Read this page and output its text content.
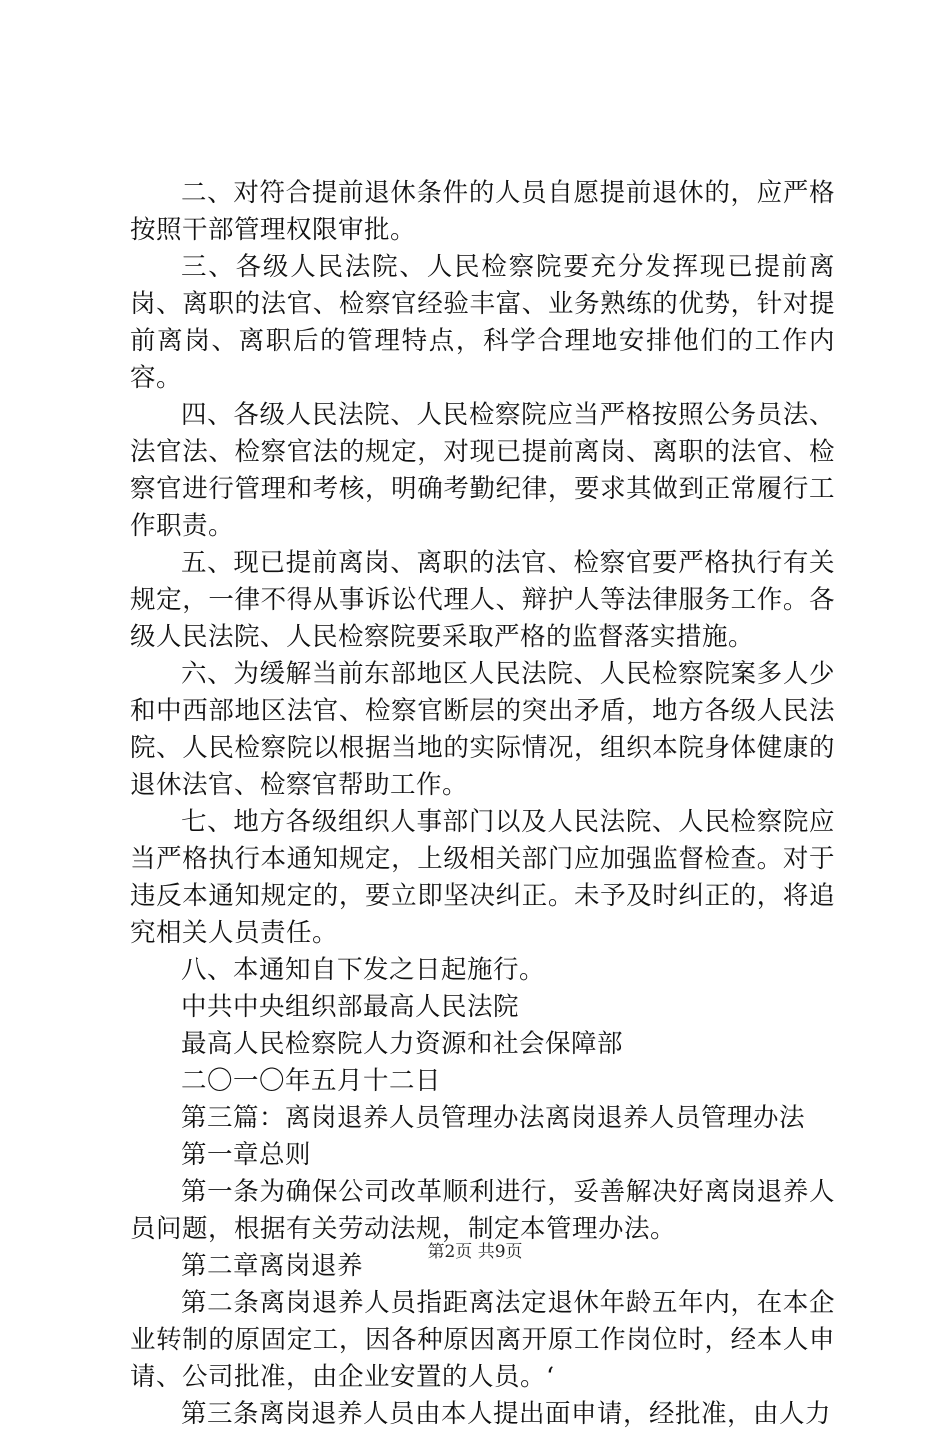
二、对符合提前退休条件的人员自愿提前退休的，应严格按照干部管理权限审批。

三、各级人民法院、人民检察院要充分发挥现已提前离岗、离职的法官、检察官经验丰富、业务熟练的优势，针对提前离岗、离职后的管理特点，科学合理地安排他们的工作内容。

四、各级人民法院、人民检察院应当严格按照公务员法、法官法、检察官法的规定，对现已提前离岗、离职的法官、检察官进行管理和考核，明确考勤纪律，要求其做到正常履行工作职责。

五、现已提前离岗、离职的法官、检察官要严格执行有关规定，一律不得从事诉讼代理人、辩护人等法律服务工作。各级人民法院、人民检察院要采取严格的监督落实措施。

六、为缓解当前东部地区人民法院、人民检察院案多人少和中西部地区法官、检察官断层的突出矛盾，地方各级人民法院、人民检察院以根据当地的实际情况，组织本院身体健康的退休法官、检察官帮助工作。

七、地方各级组织人事部门以及人民法院、人民检察院应当严格执行本通知规定，上级相关部门应加强监督检查。对于违反本通知规定的，要立即坚决纠正。未予及时纠正的，将追究相关人员责任。

八、本通知自下发之日起施行。

中共中央组织部最高人民法院

最高人民检察院人力资源和社会保障部

二〇一〇年五月十二日

第三篇：离岗退养人员管理办法离岗退养人员管理办法

第一章总则

第一条为确保公司改革顺利进行，妥善解决好离岗退养人员问题，根据有关劳动法规，制定本管理办法。

第二章离岗退养

第二条离岗退养人员指距离法定退休年龄五年内，在本企业转制的原固定工，因各种原因离开原工作岗位时，经本人申请、公司批准，由企业安置的人员。‘

第三条离岗退养人员由本人提出面申请，经批准，由人力

第2页 共9页
